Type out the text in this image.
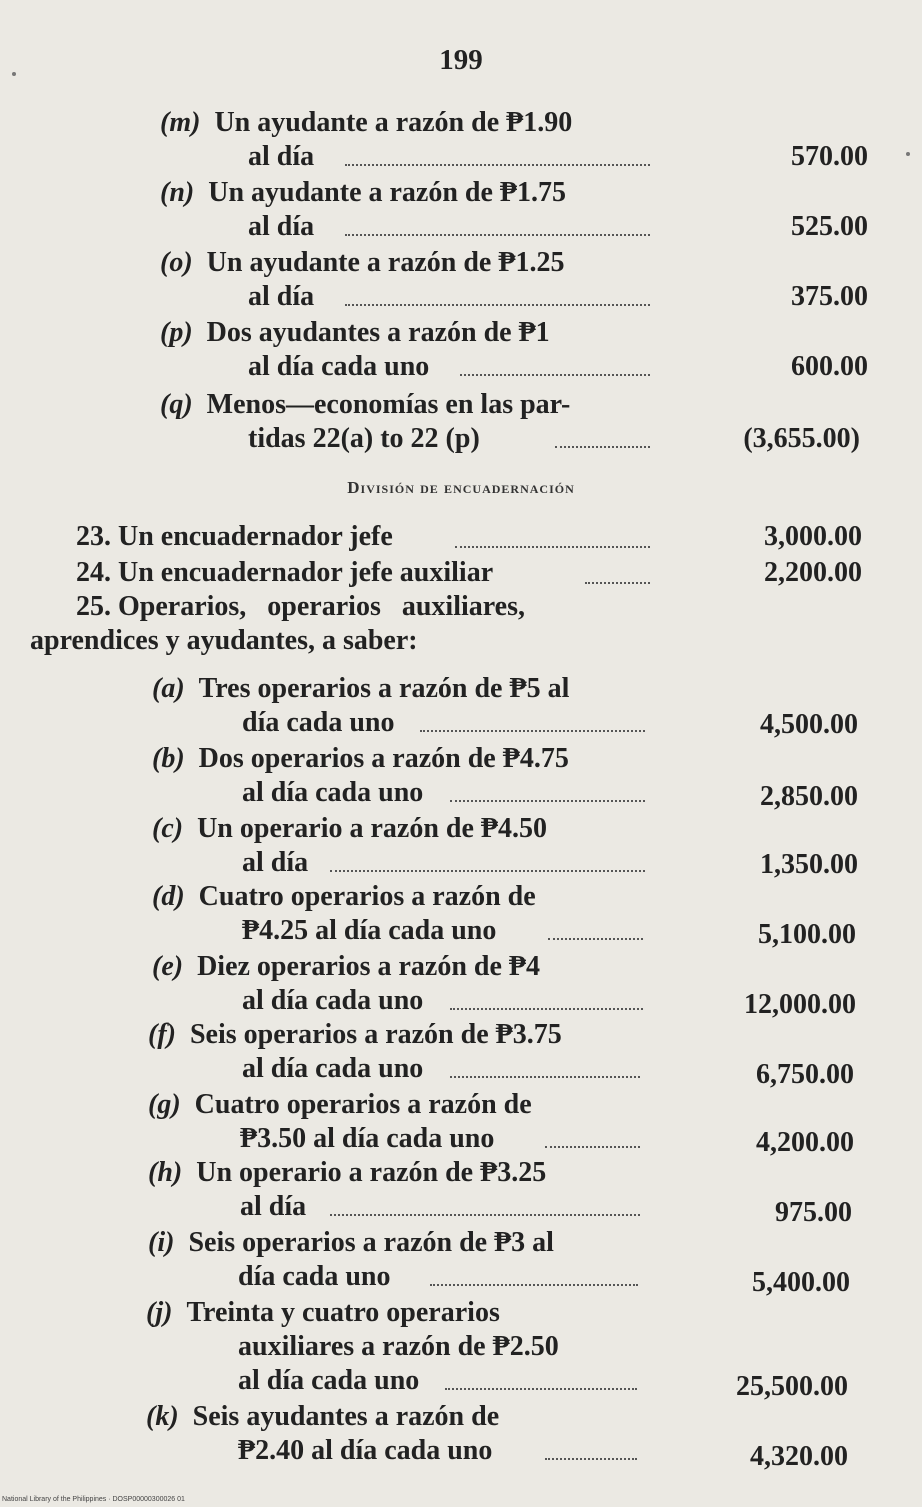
199
(m) Un ayudante a razón de ₱1.90
al día	570.00
(n) Un ayudante a razón de ₱1.75
al día	525.00
(o) Un ayudante a razón de ₱1.25
al día	375.00
(p) Dos ayudantes a razón de ₱1
al día cada uno	600.00
(q) Menos—economías en las par-
tidas 22(a) to 22 (p)	(3,655.00)
División de encuadernación
23. Un encuadernador jefe	3,000.00
24. Un encuadernador jefe auxiliar	2,200.00
25. Operarios,   operarios   auxiliares,
aprendices y ayudantes, a saber:
(a) Tres operarios a razón de ₱5 al
día cada uno	4,500.00
(b) Dos operarios a razón de ₱4.75
al día cada uno	2,850.00
(c) Un operario a razón de ₱4.50
al día	1,350.00
(d) Cuatro operarios a razón de
₱4.25 al día cada uno	5,100.00
(e) Diez operarios a razón de ₱4
al día cada uno	12,000.00
(f) Seis operarios a razón de ₱3.75
al día cada uno	6,750.00
(g) Cuatro operarios a razón de
₱3.50 al día cada uno	4,200.00
(h) Un operario a razón de ₱3.25
al día	975.00
(i) Seis operarios a razón de ₱3 al
día cada uno	5,400.00
(j) Treinta y cuatro operarios
auxiliares a razón de ₱2.50
al día cada uno	25,500.00
(k) Seis ayudantes a razón de
₱2.40 al día cada uno	4,320.00
National Library of the Philippines · DOSP00000300026 01
